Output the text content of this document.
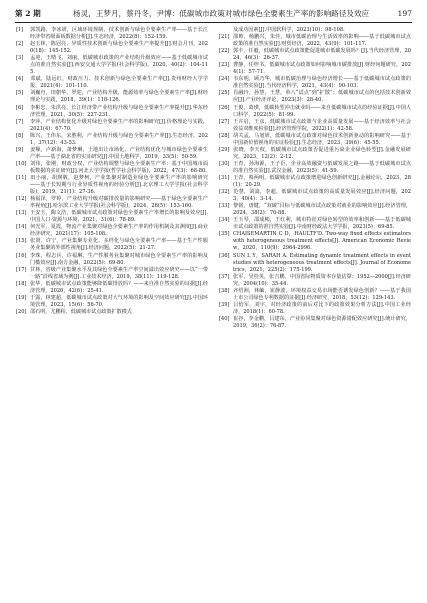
第 2 期	杨灵，王梦月，蔡丹冬，尹博：低碳城市政策对城市绿色全要素生产率的影响路径及效应	197

[1] 郭凯路，李冰妍，区域环境规制、技术创新与绿色全要素生产率——基于长江经济带省级面板数据分析[J].生态经济，2022(8)：152-159.

[2] 赵玉林，陈冠亮，异质性技术创新与绿色全要素生产率提升[J].财会月刊，2020(18)：145-152.

[3] 孟迎，王晴飞，刘丽，低碳城市政策的产业结构升级效应——基于低碳城市试点的准自然实验[J].西安交通大学学报(社会科学版)，2020，40(2)：104-115.

[4] 邓斌，陆远红，财政压力、技术创新与绿色全要素生产率[J].贵州财经大学学报，2021(4)：101-110.

[5] 刘巍舟，田朝华，罗迎，产业结构升级、能源效率与绿色全要素生产率[J].财经理论与实践，2018，39(1)：118-126.

[6] 李彬忠，朱洪亮，长江经济带产业结构升级与绿色全要素生产率提升[J].华东经济管理，2021，30(5)：227-231.

[7] 李萍，产业结构优化升级对绿色全要素生产率的影响研究[J].价格理论与实践，2021(4)：67-70.

[8] 陈兴，王伟东，宋胜利，产业结构升级与绿色全要素生产率[J].生态经济，2021，37(12)：43-53.

[9] 姜顺，卢新海，萧梦琳，土地出让市场化、产业结构优化与城市绿色全要素生产率——基于湖北省的实证研究[J].中国土地科学，2019，33(5)：50-59.

[10] 刘伟，张刚，财政分权、产业结构调整与绿色全要素生产率：基于中国城市面板数据的实证研究[J].河北大学学报(哲学社会科学版)，2022，47(3)：68-80.

[11] 田小丽，胡瑛敬，赵梦柯，产业集聚对制造业绿色全要素生产率的影响研究——基于长短期与行业异质性视角的经验分析[J].北京理工大学学报(社会科学版)，2019，21(1)：27-36.

[12] 杨福泽，罗婷，产业结构升级对碳排放量的影响研究——基于绿色全要素生产率视角[J].哈尔滨工业大学学报(社会科学版)，2024，26(5)：153-160.

[13] 王安玉，陶文浩，低碳城市试点政策对绿色全要素生产率增长的影响及效应[J].中国人口·资源与环境，2021，31(6)：78-89.

[14] 何光军，夏霞，物流产业集聚对绿色全要素生产率的作用机制及其测度[J].商业经济研究，2021(17)：105-108.

[15] 张贤，许宁，产业集聚专业化、多样化与绿色全要素生产率——基于生产性服务业集聚的外部性视角[J].经济问题，2022(5)：21-27.

[16] 李珠，程志兵，许福琳，生产性服务业集聚对城市绿色全要素生产率的影响及门槛效应[J].南方金融，2022(5)：69-80.

[17] 甘林，省级产业集聚水平及其绿色全要素生产率空间溢出效应研究——以“一带一路”沿线省域为例[J].工业技术经济，2019，38(11)：119-128.

[18] 张华，低碳城市试点政策能够降低碳排放吗？——来自准自然实验的证据[J].经济管理，2020，42(6)：25-41.

[19] 于露，林建超，低碳城市试点政策对大气环境的影响及空间效应研究[J].中国环境管理，2023，15(6)：56-70.

[20] 邵石明，尤鹏程，低碳城市试点政策扩散模式

及成功因素[J].中国软科学，2023(10)：98-108.

[21] 邵帅，杨鹏兴，朱佳，城市低碳治理与生活效率的影响——基于低碳城市试点政策的准自然实验[J].财贸经济，2022，43(9)：101-117.

[22] 郭丰，任毅，低碳城市试点政策能促进城市低碳发展吗？[J].当代经济管理，2024，46(3)：26-37.

[23] 曹静，任梓书，低碳城市试点政策如何影响城市碳排放[J].财经问题研究，2024(1)：57-71.

[24] 韦东明，顾乃华，城市低碳治理与绿色经济增长——基于低碳城市试点政策的准自然实验[J].当代经济科学，2021，43(4)：90-103.

[25] 肖融玲，孙慧，王慧，单八“试点”到“扩散”：低碳城市试点的包括技术创新效应[J].产业经济评论，2023(3)：28-40.

[26] 王俊，葛瑛，低碳转型冲击就业吗——来自低碳城市试点的经验证据[J].中国人口科学，2022(5)：81-99.

[27] 王卉启，王彦，低碳城市试点政策与企业高质量发展——基于经济效率与社会效益双维度检验[J].经济管理学院，2022(1)：42-58.

[28] 胡关孟，马旭妍，低碳城市试点政策对绿色技术创新驱动的影响研究——基于中国新价值视角的实证检验[J].生态经济，2023，39(6)：45-55.

[29] 张晓，李天权，低碳城市试点政策否促进重污染企业绿色转型[J].金融发展研究，2023，12(2)：2-12.

[30] 王育，孙海源，王子臣，企业高效融资与低碳发展之路——基于低碳城市试点的准自然实验[J].武汉金融，2023(5)：41-59.

[31] 王青，蔡两明，低碳城市试点政策增进绿色创新研究[J].金融论坛，2023，28(1)：20-29.

[32] 范慧，刘嵩，李超，低碳城市试点政策的高质量发展效应[J].经济问题，2023，40(4)：3-14.

[33] 黎铭，唐键，“双碳”目标与低碳城市试点政策对就业的影响效应[J].经济管理，2024，38(2)：76-88.

[34] 王玉琴，邵成彬，王红利，城市特征对绿色转型的效率和创新——基于低碳城市试点政策的准自然实验[J].中南财经政法大学学报，2023(5)：69-85.

[35] CHAISEMARTIN C D，HAULTF'D. Two-way fixed effects estimators with heterogeneous treatment effects[J]. American Economic Review，2020，110(9)：2964-2996.

[36] SUN L Y，SARAH A. Estimating dynamic treatment effects in event studies with heterogeneous treatment effects[J]. Journal of Econometrics，2021，225(2)：175-199.

[37] 张军，吴桂英，张吉鹏，中国省际物质资本存量估算：1952—2000[J].经济研究，2004(10)：35-44.

[38] 齐绍洲，林岫，崔静波，环境权益交易市场能否诱发绿色创新？——基于我国上市公司绿色专利数据的证据[J].经济研究，2018，53(12)：129-143.

[39] 吕怡军，刘宇，对经济政策的前后对比下的政策效果分析方法[J].中国工业经济，2018(1)：60-78.

[40] 崔谷，李金鹏，吕建东，产业协同集聚对绿色资源错配效应研究[J].统计研究，2019，36(2)：76-87.
